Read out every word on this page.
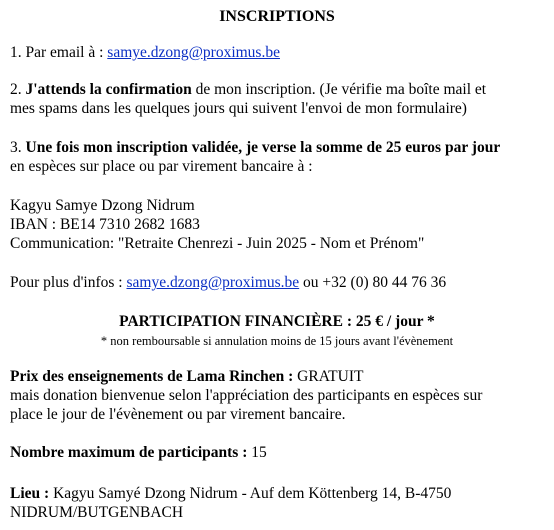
INSCRIPTIONS
1. Par email à : samye.dzong@proximus.be
2. J'attends la confirmation de mon inscription. (Je vérifie ma boîte mail et
mes spams dans les quelques jours qui suivent l'envoi de mon formulaire)
3. Une fois mon inscription validée, je verse la somme de 25 euros par jour
en espèces sur place ou par virement bancaire à :
Kagyu Samye Dzong Nidrum
IBAN : BE14 7310 2682 1683
Communication: "Retraite Chenrezi - Juin 2025 - Nom et Prénom"
Pour plus d'infos : samye.dzong@proximus.be ou +32 (0) 80 44 76 36
PARTICIPATION FINANCIÈRE : 25 € / jour *
* non remboursable si annulation moins de 15 jours avant l'évènement
Prix des enseignements de Lama Rinchen : GRATUIT
mais donation bienvenue selon l'appréciation des participants en espèces sur
place le jour de l'évènement ou par virement bancaire.
Nombre maximum de participants : 15
Lieu : Kagyu Samyé Dzong Nidrum - Auf dem Köttenberg 14, B-4750
NIDRUM/BUTGENBACH
